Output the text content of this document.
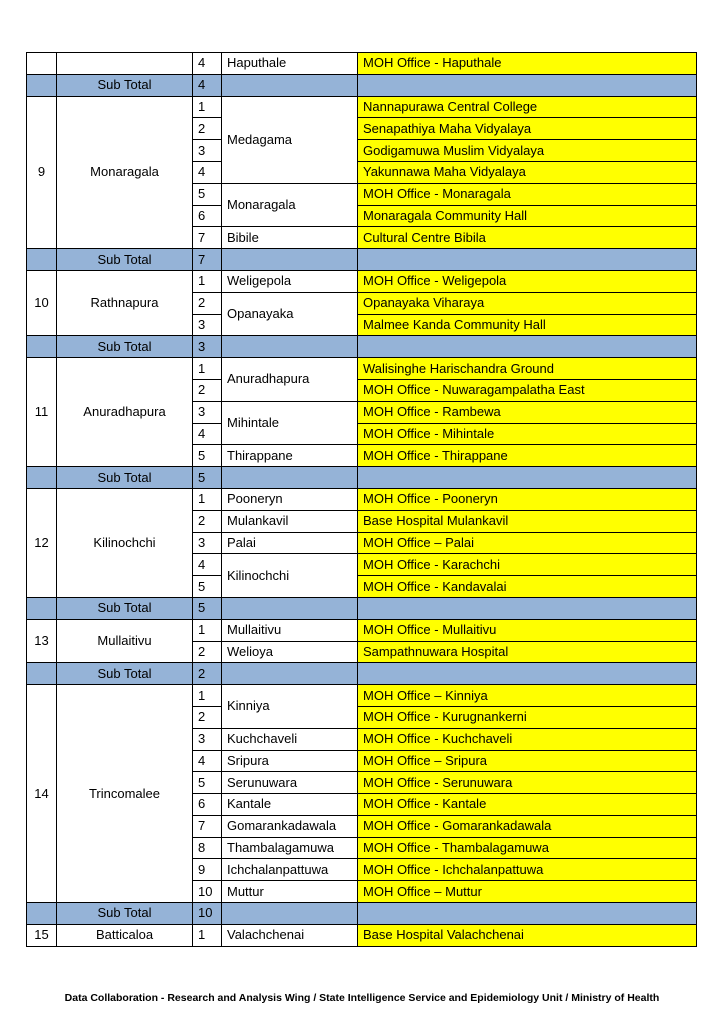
		4	Haputhale	MOH Office - Haputhale
	Sub Total	4		
9	Monaragala	1	Medagama	Nannapurawa Central College
		2		Senapathiya Maha Vidyalaya
		3		Godigamuwa Muslim Vidyalaya
		4		Yakunnawa Maha Vidyalaya
		5	Monaragala	MOH Office - Monaragala
		6		Monaragala Community Hall
		7	Bibile	Cultural Centre Bibila
	Sub Total	7		
10	Rathnapura	1	Weligepola	MOH Office - Weligepola
		2	Opanayaka	Opanayaka Viharaya
		3		Malmee Kanda Community Hall
	Sub Total	3		
11	Anuradhapura	1	Anuradhapura	Walisinghe Harischandra Ground
		2		MOH Office - Nuwaragampalatha East
		3	Mihintale	MOH Office - Rambewa
		4		MOH Office - Mihintale
		5	Thirappane	MOH Office - Thirappane
	Sub Total	5		
12	Kilinochchi	1	Pooneryn	MOH Office - Pooneryn
		2	Mulankavil	Base Hospital Mulankavil
		3	Palai	MOH Office – Palai
		4	Kilinochchi	MOH Office - Karachchi
		5		MOH Office - Kandavalai
	Sub Total	5		
13	Mullaitivu	1	Mullaitivu	MOH Office - Mullaitivu
		2	Welioya	Sampathnuwara Hospital
	Sub Total	2		
14	Trincomalee	1	Kinniya	MOH Office – Kinniya
		2		MOH Office - Kurugnankerni
		3	Kuchchaveli	MOH Office - Kuchchaveli
		4	Sripura	MOH Office – Sripura
		5	Serunuwara	MOH Office - Serunuwara
		6	Kantale	MOH Office - Kantale
		7	Gomarankadawala	MOH Office - Gomarankadawala
		8	Thambalagamuwa	MOH Office - Thambalagamuwa
		9	Ichchalanpattuwa	MOH Office - Ichchalanpattuwa
		10	Muttur	MOH Office – Muttur
	Sub Total	10		
15	Batticaloa	1	Valachchenai	Base Hospital Valachchenai
Data Collaboration - Research and Analysis Wing / State Intelligence Service and Epidemiology Unit / Ministry of Health
